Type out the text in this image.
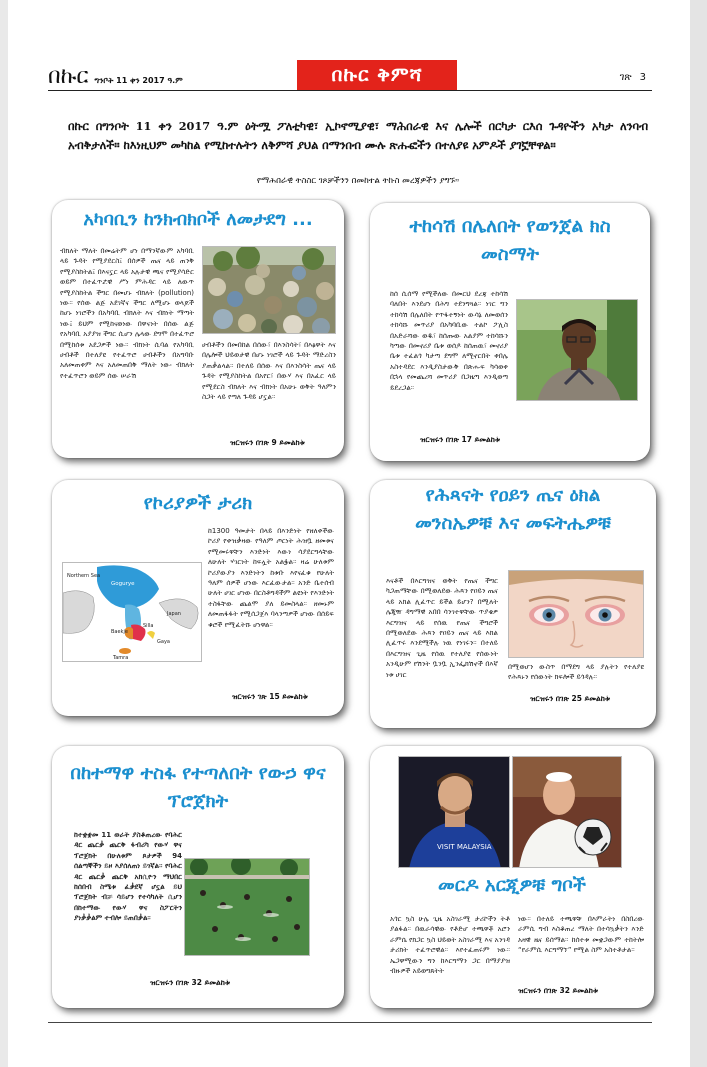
በኩር ግንቦት 11 ቀን 2017 ዓ.ም	በኩር ቅምሻ	ገጽ 3
በኩር በግንቦት 11 ቀን 2017 ዓ.ም ዕትሟ ፖለቲካዊ፣ ኢኮኖሚያዊ፣ ማሕበራዊ እና ሌሎች በርካታ ርእሰ ጉዳዮችን አካታ ለንባብ አብቅታለች። ከእነዚህም መካከል የሚከተሉትን ለቅምሻ ያህል በማንበብ ሙሉ ጽሑፎችን በተለያዩ አምዶች ያገኟቸዋል።
የማሕበራዊ ትስስር ገጾቻችንን በመከተል ትኩስ መረጃዎችን ያግኙ።
አካባቢን ከንክብክቦች ለመታደግ ...
ብክለት ማለት በመሬትም ሆነ በማንኛውም አካባቢ ላይ ጉዳት የሚያደርስ፤ በሰዎች ጤና ላይ ጠንቅ የሚያስከትል፤ በእናኗር ላይ አሉታዊ ጫና የሚያሳድር ወይም በተፈጥሯዊ ሥነ ምሕዳር ላይ ለውጥ የሚያስከትል ችግር በመሆኑ ብክለት (pollution) ነው። የሰው ልጅ አደገኛና ችግር ለሚሆኑ ወላጆች ከሆኑ ነገሮችን በአካባቢ ብክለት እና ብክነት ማጣት ነው፤ ይህም የሚከናወነው በዋናነት በሰው ልጅ የአካባቢ አያያዝ ችግር ሲሆን ሌላው ደግሞ በተፈጥሮ በሚከሰቱ አደጋዎች ነው። ብክነት ሲባል የአካባቢ ሀብቶች በተለያዩ የተፈጥሮ ሀብቶችን በአግባቡ አለመጠቀም እና አለመጠበቅ ማለት ነው፡ ብክለት የተፈጥሮን ወይም ሰው ሠራሽ
ሀብቶችን በመበከል በሰው፣ በእንስሳት፣ በእፅዋት እና በሌሎች ህይወታዊ በሆኑ ነገሮች ላይ ጉዳት ማድረስን ያጠቃልላል። በተለይ በሰው እና በእንስሳት ጤና ላይ ጉዳት የሚያስከትል በአየር፣ በውሃ እና በአፈር ላይ የሚደርስ ብክለት እና ብክነት በአሁኑ ወቅት ዓለምን ስጋት ላይ የጣለ ጉዳይ ሆኗል።
ዝርዝሩን በገጽ 9 ይመልከቱ
ተከሳሽ በሌለበት የወንጀል ክስ መስማት
ከሰ ሲሰማ የሚችለው በመርህ ደረጃ ተከሳሽ ባለበት እንደሆነ በሕግ ተደንግጓል። ነገር ግን ተከሳሽ በሌለበት የጥፋተኝነት ውሳኔ ለመወሰን ተከሳሹ መጥሪያ በአካባቢው ተልኮ ፖሊስ በአድራሻው ወዱ፣ ከሰጡው አልያም ተከሳሹን ካጣው በመኖሪያ ቤቱ ወሰዶ ከሰጠዉ፣ መኖሪያ ቤቱ ተፈልጎ ካታጣ ደግሞ ለሚኖርበት ቀበሌ አስተዳደር እንዲያስታውቅ በጽሑፍ ካሳወቀ በኋላ የመጨረሻ መጥሪያ በጋዜጣ እንዲወጣ ይደረጋል።
ዝርዝሩን በገጽ 17 ይመልከቱ
የኮሪያዎች ታሪክ
ከ1300 ዓመታት በላይ በእንድነት የዘለቀችው ኮሪያ የቀዝቃዛው የዓለም ጦርነት ሕዝቧ ዘመቱና የሚመሩዋቸን እንድነት እውነ ሳያደርግላቸው ለሁለት ሃገርነት ከፍሏት አልፏል። ዛሬ ሁለቱም ኮሪያውያን እንድነትን ከቱቡ እየናፈቁ የሁለት ዓለም ሰዎች ሆነው እርፈውታል። አንድ ቤተሰብ ሁለት ሀገር ሆነው በርስቶግዳችም ልዩነት የእንድነት ተስፋቸው ጨልሞ ያለ ይመስላል። ዘመኑም ለመጠፋፋት የሚሰጋጀእ ባላንጣዎች ሆነው በሰይፍ ቁሮች የሚፈትሹ ሆነዋል።
Northern Sea
Gogurye
Japan
Silla
Baekje
Tamra
Gaya
ዝርዝሩን ገጽ 15 ይመልከቱ
የሕጻናት የዐይን ጤና ዕክል መንስኤዎቹ እና መፍትሔዎቹ
እናቶች በእርግዝና ወቅት የጤና ችግር ካጋጠማቸው በሚወለደው ሕጻን የዐይን ጤና ላይ አክል ሊፈጥር ይችል ይሆን? በሚለት ሌጂዥ ዳግማዊ አበበ ሳንገተዋቸው ጥያቄዎ እርግዝና ላይ የሰዉ የጤና ችግሮች በሚወለደው ሕጻን የዐይን ጤና ላይ እክል ሊፈጥሩ እንደሚችሉ ነዉ የነገሩን። በተለይ በእርግዝና ጊዜ የሰዉ የተለያዩ የሰውነት አንዲሁም የሽንት ቧንቧ ኢንፌክሽኖች በእኛ ነቱ ሀገር
በሚወሆን ውስጥ በማደግ ላይ ያሉትን የተለያዩ የሕጻኑን የሰውነት ክፍሎች ይጎዳሉ።
ዝርዝሩን በገጽ 25 ይመልከቱ
በከተማዋ ተስፋ የተጣለበት የውኃ ዋና ፕሮጀክት
ከተቋቋመ 11 ወራት ያስቆጠረው የባሕር ዳር ጨርቃ ጨርቅ ፋብሪካ የውሃ ዋና ፕሮጀክት በሁለቱም ጾታዎች 94 ሰልጣኞችን ይዞ እያሰለጠነ ይገኛል። የባሕር ዳር ጨርቃ ጨርቅ አክሲዮን ማህበር ከሰበብ ስሜቱ ፈቃደኛ ሆኗል ይህ ፕሮጀክት ብቻ ሳይሆን የተሳካለት ሲሆን በከተማው የውሃ ዋና ስፖርትን ያነቃቃልም ተብሎ ይጠበቃል።
ዝርዝሩን በገጽ 32 ይመልከቱ
VISIT MALAYSIA
መርዶ አርጂዎቹ ግቦች
አጎር ኳስ ሁሌ ጊዜ አስገራሚ ታሪኮችን ትቶ ያልፋል። በዉራሳዊው የቶድሆ ተጫዋቾ አሮን ራምሴ የክጋር ኳስ ህይወት አስገራሚ እና አንገዳ ታሪክት ተፈጥሮዊል። እየተፈጠሩም ነው። ኤጋዋሚውን ግን ከእርግማን ጋር በማያያዝ ብዙዎች አይወግጸትት
ነው። በተለይ ተጫዋቹ በእምራትነ በስበረው ራምሲ ግብ እስቆጠረ ማለት በተሳኳቃትን እንድ አዛዊ ዜና ይሰማል። ከሰተቱ መቋጋውም ተከትሎ “የራምሲ እርግማኘ” የሚል ስም አስተቶታል።
ዝርዝሩን በገጽ 32 ይመልከቱ
